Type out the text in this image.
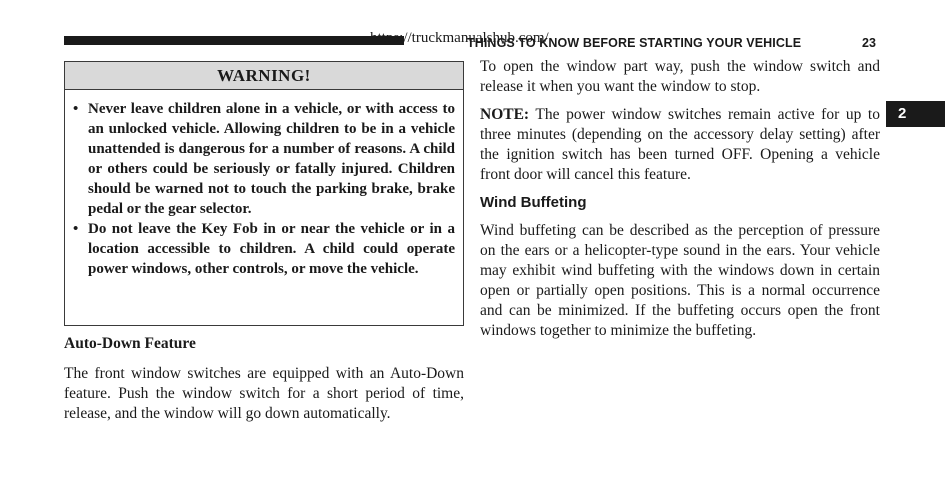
https://truckmanualshub.com/
THINGS TO KNOW BEFORE STARTING YOUR VEHICLE	23
2
WARNING!
• Never leave children alone in a vehicle, or with access to an unlocked vehicle. Allowing children to be in a vehicle unattended is dangerous for a number of reasons. A child or others could be seriously or fatally injured. Children should be warned not to touch the parking brake, brake pedal or the gear selector.
• Do not leave the Key Fob in or near the vehicle or in a location accessible to children. A child could operate power windows, other controls, or move the vehicle.

Auto-Down Feature

The front window switches are equipped with an Auto-Down feature. Push the window switch for a short period of time, release, and the window will go down automatically.

To open the window part way, push the window switch and release it when you want the window to stop.

NOTE: The power window switches remain active for up to three minutes (depending on the accessory delay setting) after the ignition switch has been turned OFF. Opening a vehicle front door will cancel this feature.

Wind Buffeting

Wind buffeting can be described as the perception of pressure on the ears or a helicopter-type sound in the ears. Your vehicle may exhibit wind buffeting with the windows down in certain open or partially open positions. This is a normal occurrence and can be minimized. If the buffeting occurs open the front windows together to minimize the buffeting.
